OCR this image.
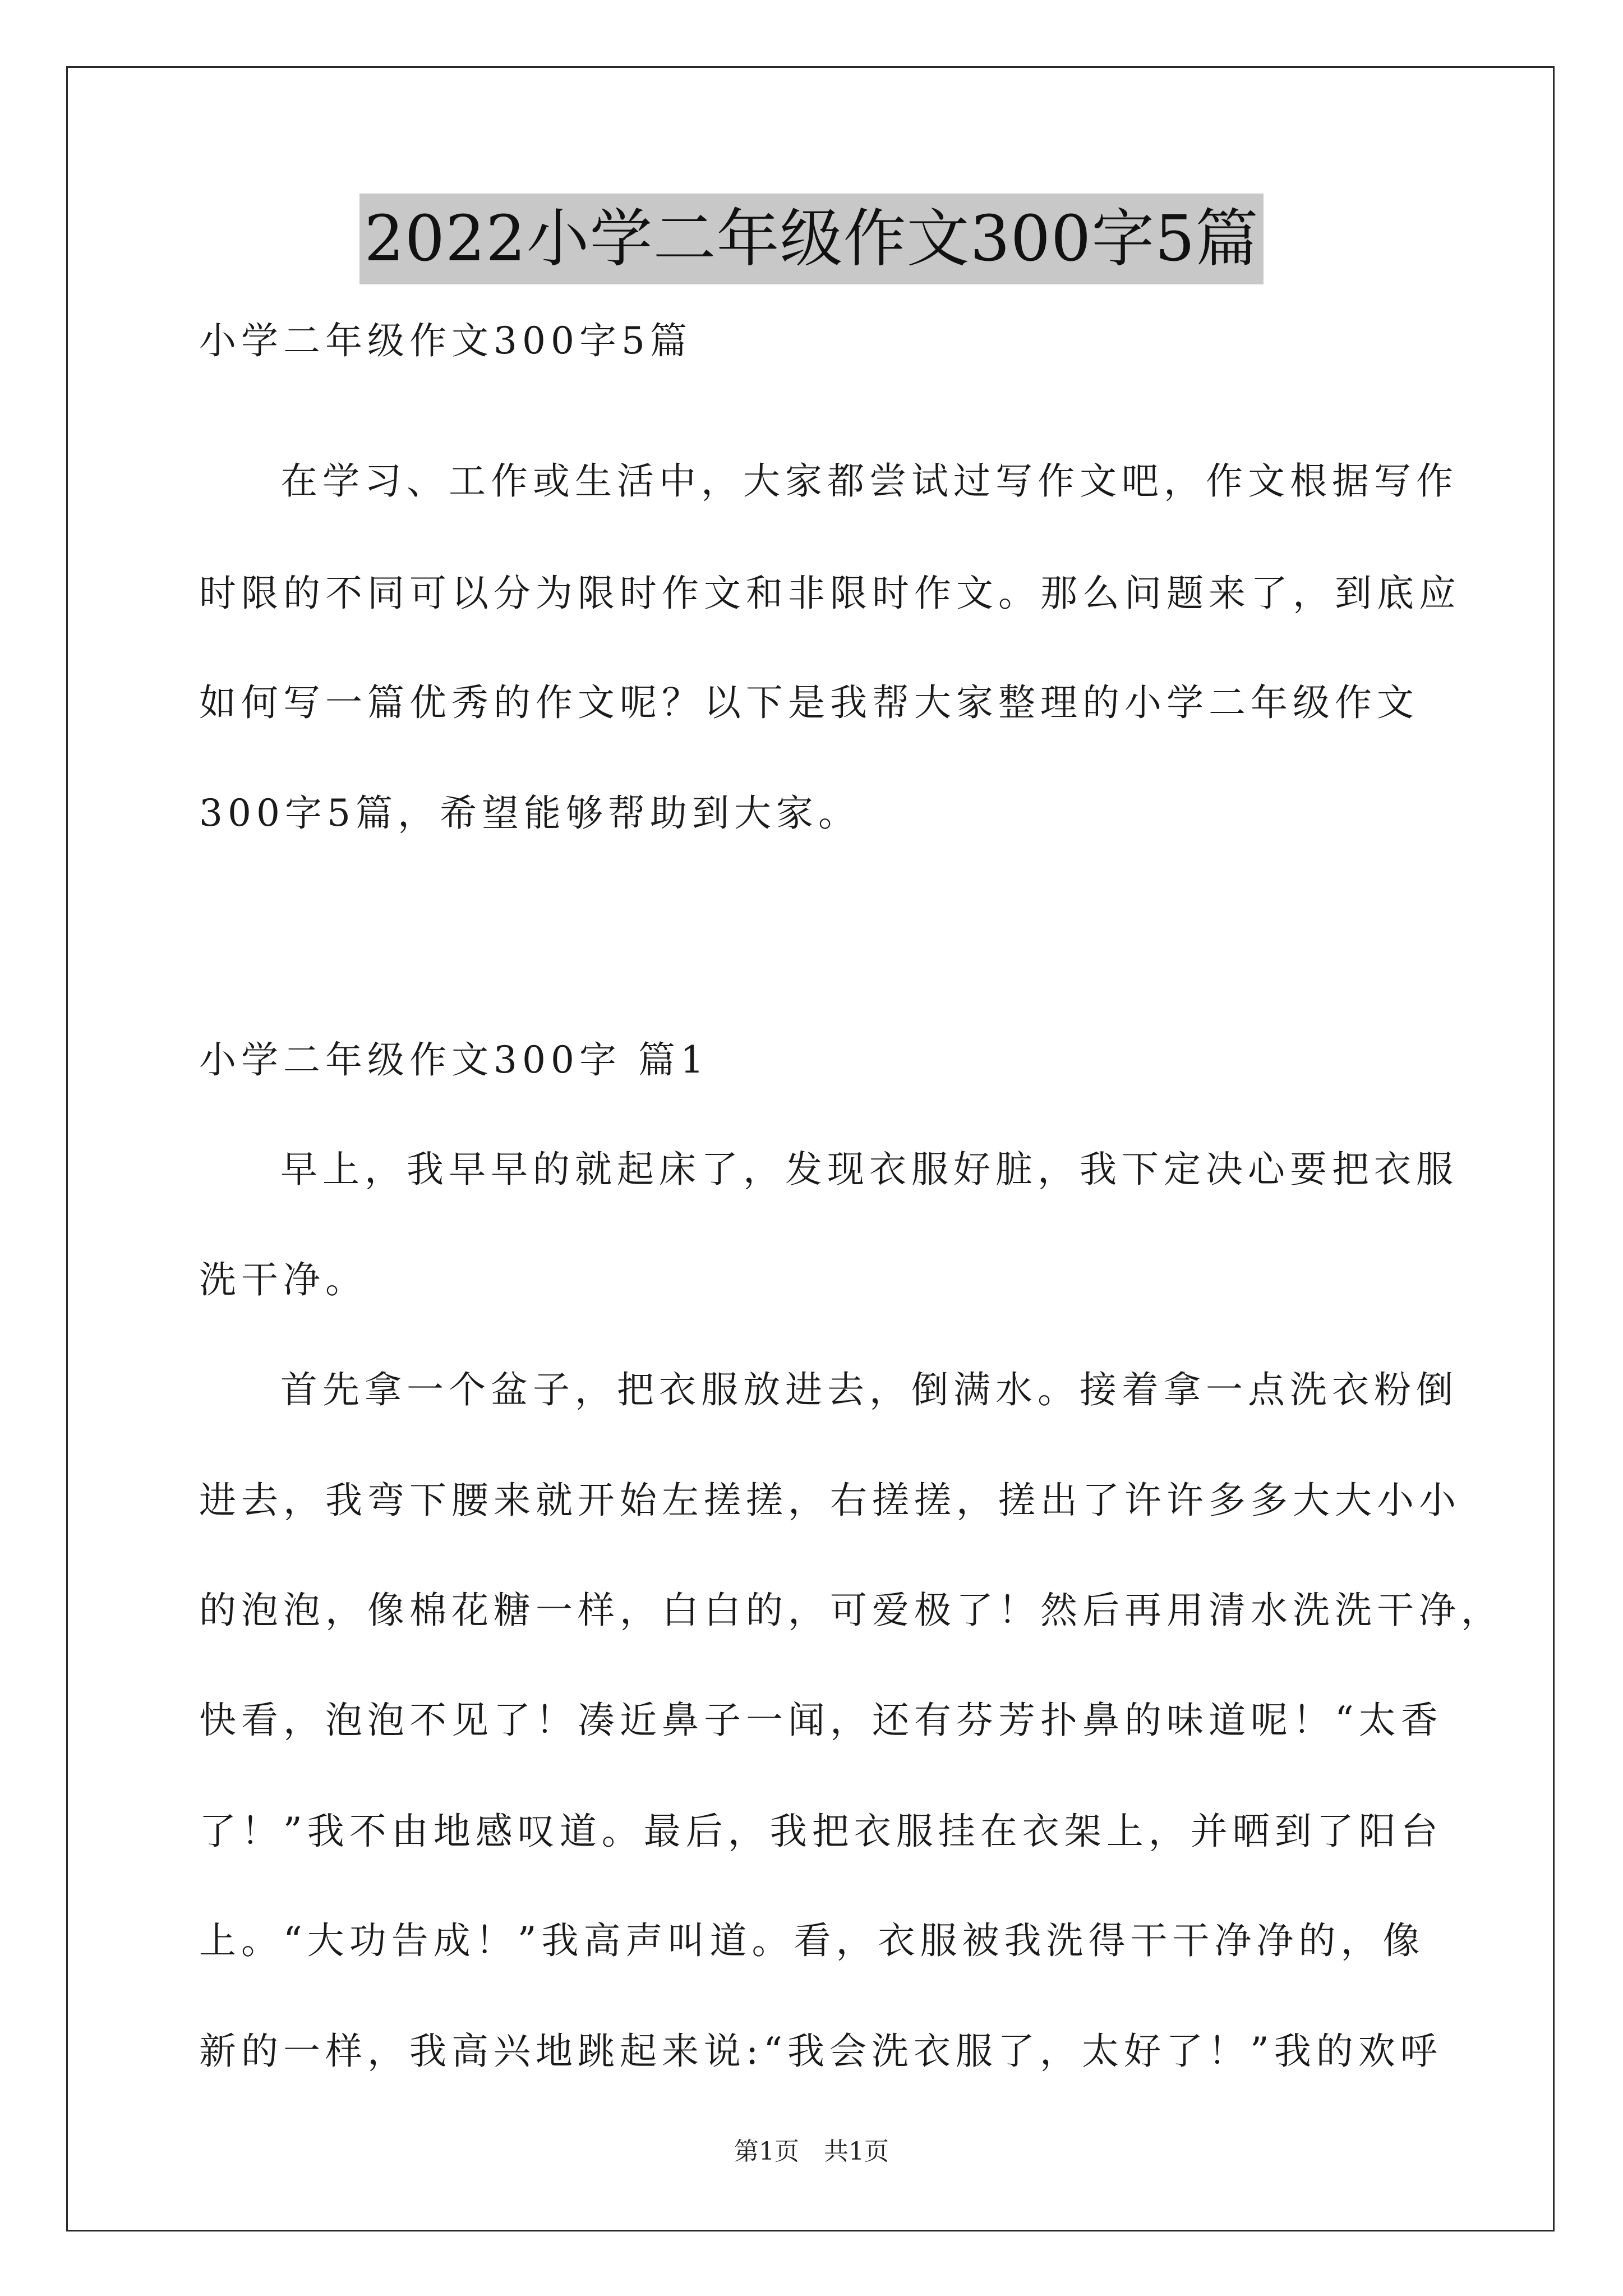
2022小学二年级作文300字5篇
小学二年级作文300字5篇
在学习、工作或生活中，大家都尝试过写作文吧，作文根据写作
时限的不同可以分为限时作文和非限时作文。那么问题来了，到底应
如何写一篇优秀的作文呢？以下是我帮大家整理的小学二年级作文
300字5篇，希望能够帮助到大家。
小学二年级作文300字 篇1
早上，我早早的就起床了，发现衣服好脏，我下定决心要把衣服
洗干净。
首先拿一个盆子，把衣服放进去，倒满水。接着拿一点洗衣粉倒
进去，我弯下腰来就开始左搓搓，右搓搓，搓出了许许多多大大小小
的泡泡，像棉花糖一样，白白的，可爱极了！然后再用清水洗洗干净，
快看，泡泡不见了！凑近鼻子一闻，还有芬芳扑鼻的味道呢！“太香
了！”我不由地感叹道。最后，我把衣服挂在衣架上，并晒到了阳台
上。“大功告成！”我高声叫道。看，衣服被我洗得干干净净的，像
新的一样，我高兴地跳起来说:“我会洗衣服了，太好了！”我的欢呼
第1页　共1页
